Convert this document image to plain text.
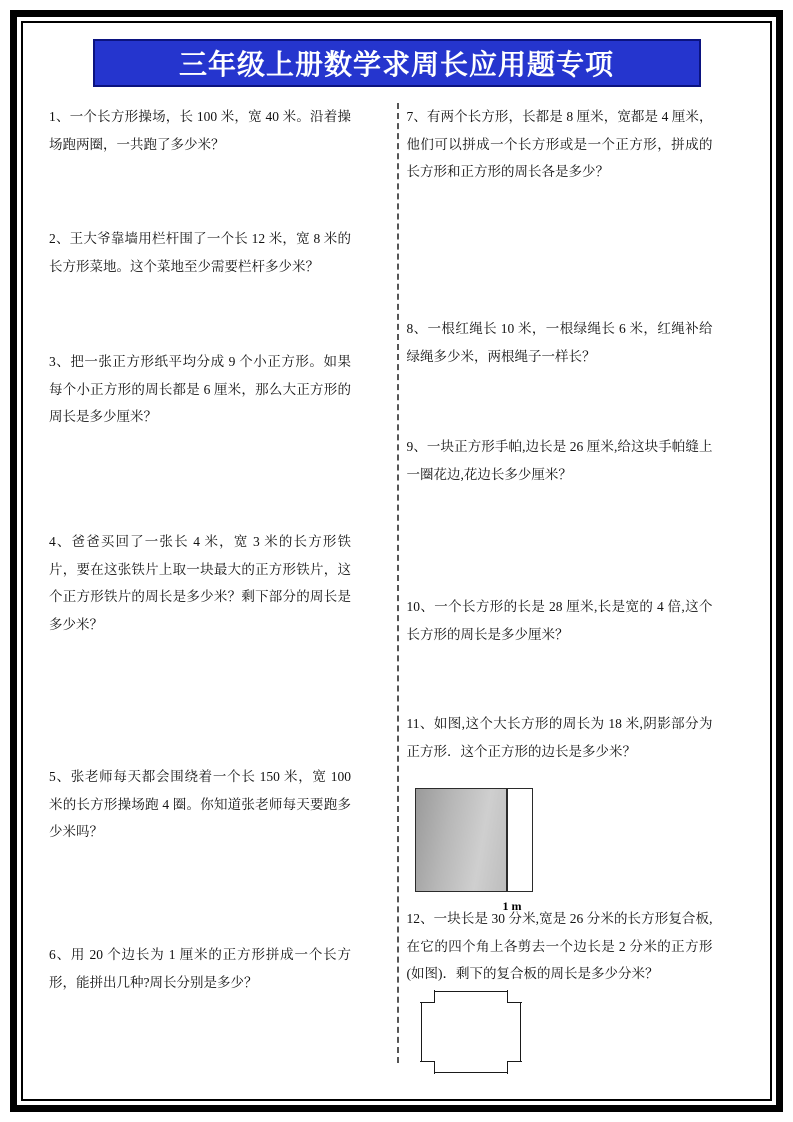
三年级上册数学求周长应用题专项
1、一个长方形操场，长 100 米，宽 40 米。沿着操场跑两圈，一共跑了多少米？
2、王大爷靠墙用栏杆围了一个长 12 米，宽 8 米的长方形菜地。这个菜地至少需要栏杆多少米？
3、把一张正方形纸平均分成 9 个小正方形。如果每个小正方形的周长都是 6 厘米，那么大正方形的周长是多少厘米？
4、爸爸买回了一张长 4 米，宽 3 米的长方形铁片，要在这张铁片上取一块最大的正方形铁片，这个正方形铁片的周长是多少米？剩下部分的周长是多少米？
5、张老师每天都会围绕着一个长 150 米，宽 100 米的长方形操场跑 4 圈。你知道张老师每天要跑多少米吗？
6、用 20 个边长为 1 厘米的正方形拼成一个长方形，能拼出几种?周长分别是多少？
7、有两个长方形，长都是 8 厘米，宽都是 4 厘米，他们可以拼成一个长方形或是一个正方形，拼成的长方形和正方形的周长各是多少？
8、一根红绳长 10 米，一根绿绳长 6 米，红绳补给绿绳多少米，两根绳子一样长？
9、一块正方形手帕,边长是 26 厘米,给这块手帕缝上一圈花边,花边长多少厘米？
10、一个长方形的长是 28 厘米,长是宽的 4 倍,这个长方形的周长是多少厘米？
11、如图,这个大长方形的周长为 18 米,阴影部分为正方形．这个正方形的边长是多少米？
1 m
12、一块长是 30 分米,宽是 26 分米的长方形复合板,在它的四个角上各剪去一个边长是 2 分米的正方形(如图)．剩下的复合板的周长是多少分米？
